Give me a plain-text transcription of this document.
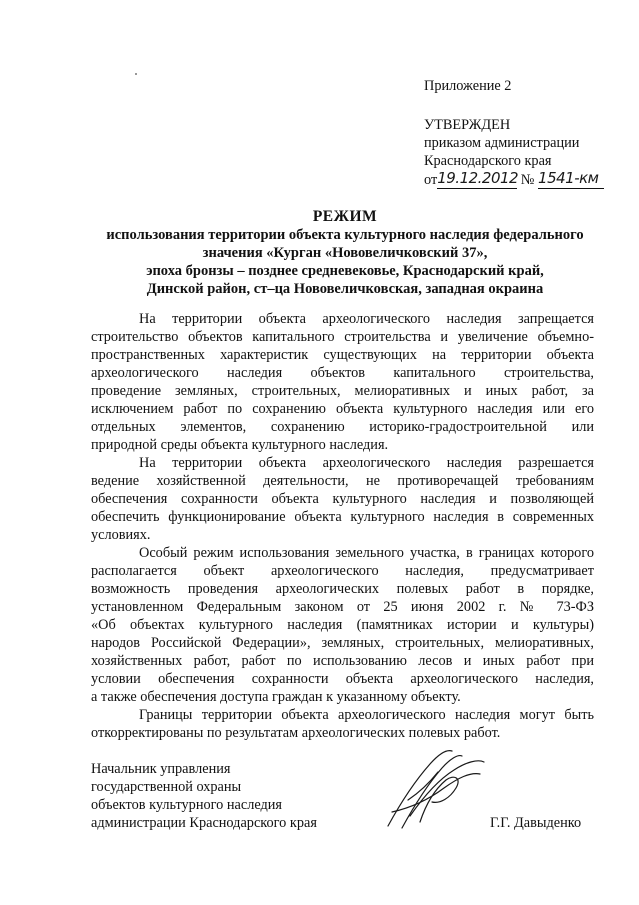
Приложение 2
УТВЕРЖДЕН
приказом администрации
Краснодарского края
от19.12.2012 № 1541-км
РЕЖИМ
использования территории объекта культурного наследия федерального
значения «Курган «Нововеличковский 37»,
эпоха бронзы – позднее средневековье, Краснодарский край,
Динской район, ст–ца Нововеличковская, западная окраина
На территории объекта археологического наследия запрещается
строительство объектов капитального строительства и увеличение объемно-
пространственных характеристик существующих на территории объекта
археологического наследия объектов капитального строительства,
проведение земляных, строительных, мелиоративных и иных работ, за
исключением работ по сохранению объекта культурного наследия или его
отдельных элементов, сохранению историко-градостроительной или
природной среды объекта культурного наследия.
На территории объекта археологического наследия разрешается
ведение хозяйственной деятельности, не противоречащей требованиям
обеспечения сохранности объекта культурного наследия и позволяющей
обеспечить функционирование объекта культурного наследия в современных
условиях.
Особый режим использования земельного участка, в границах которого
располагается объект археологического наследия, предусматривает
возможность проведения археологических полевых работ в порядке,
установленном Федеральным законом от 25 июня 2002 г. № 73-ФЗ
«Об объектах культурного наследия (памятниках истории и культуры)
народов Российской Федерации», земляных, строительных, мелиоративных,
хозяйственных работ, работ по использованию лесов и иных работ при
условии обеспечения сохранности объекта археологического наследия,
а также обеспечения доступа граждан к указанному объекту.
Границы территории объекта археологического наследия могут быть
откорректированы по результатам археологических полевых работ.
Начальник управления
государственной охраны
объектов культурного наследия
администрации Краснодарского края	Г.Г. Давыденко
